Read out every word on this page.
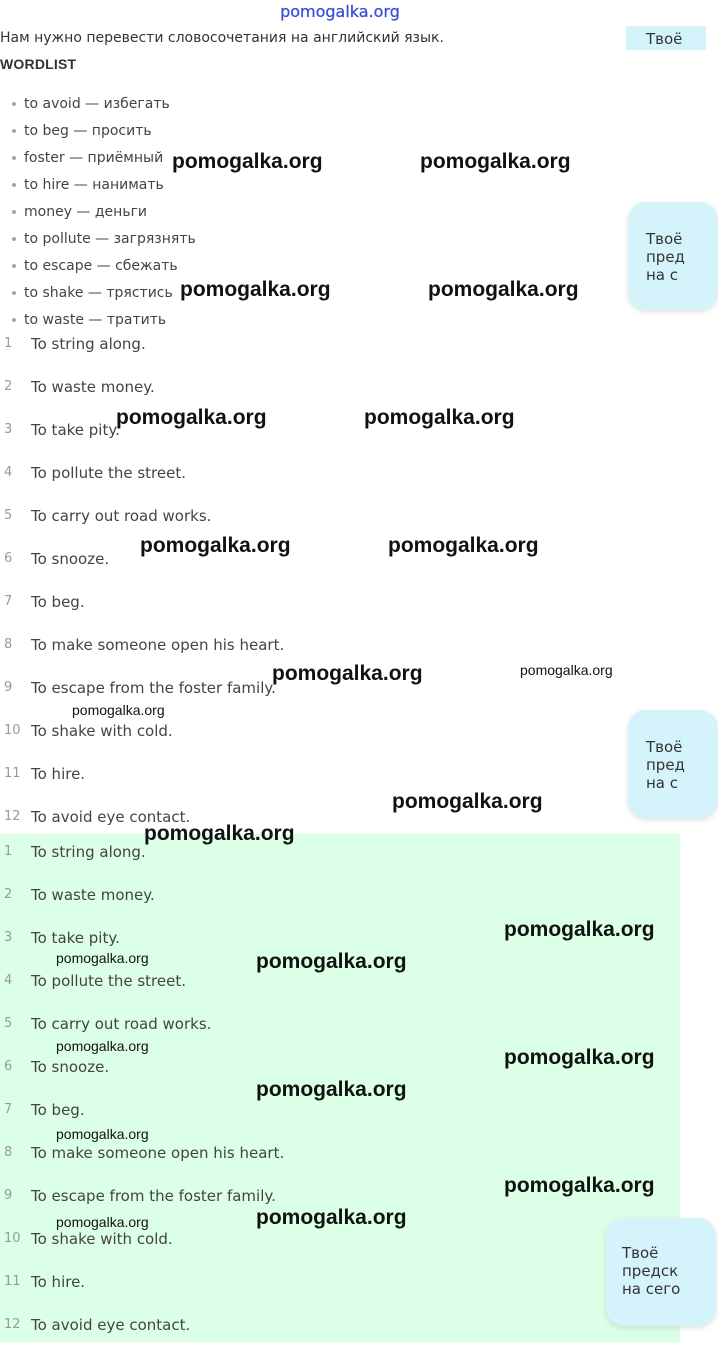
pomogalka.org
Нам нужно перевести словосочетания на английский язык.
WORDLIST
to avoid — избегать
to beg — просить
foster — приёмный
to hire — нанимать
money — деньги
to pollute — загрязнять
to escape — сбежать
to shake — трястись
to waste — тратить
1	To string along.
2	To waste money.
3	To take pity.
4	To pollute the street.
5	To carry out road works.
6	To snooze.
7	To beg.
8	To make someone open his heart.
9	To escape from the foster family.
10 To shake with cold.
11 To hire.
12 To avoid eye contact.
1	To string along.
2	To waste money.
3	To take pity.
4	To pollute the street.
5	To carry out road works.
6	To snooze.
7	To beg.
8	To make someone open his heart.
9	To escape from the foster family.
10 To shake with cold.
11 To hire.
12 To avoid eye contact.
Твоё
Твоё
пред
на с
Твоё
пред
на с
Твоё
предск
на сего
pomogalka.org	pomogalka.org
pomogalka.org	pomogalka.org
pomogalka.org	pomogalka.org
pomogalka.org	pomogalka.org
pomogalka.org	pomogalka.org
pomogalka.org
pomogalka.org
pomogalka.org
pomogalka.org
pomogalka.org	pomogalka.org
pomogalka.org	pomogalka.org
pomogalka.org
pomogalka.org
pomogalka.org
pomogalka.org
pomogalka.org
